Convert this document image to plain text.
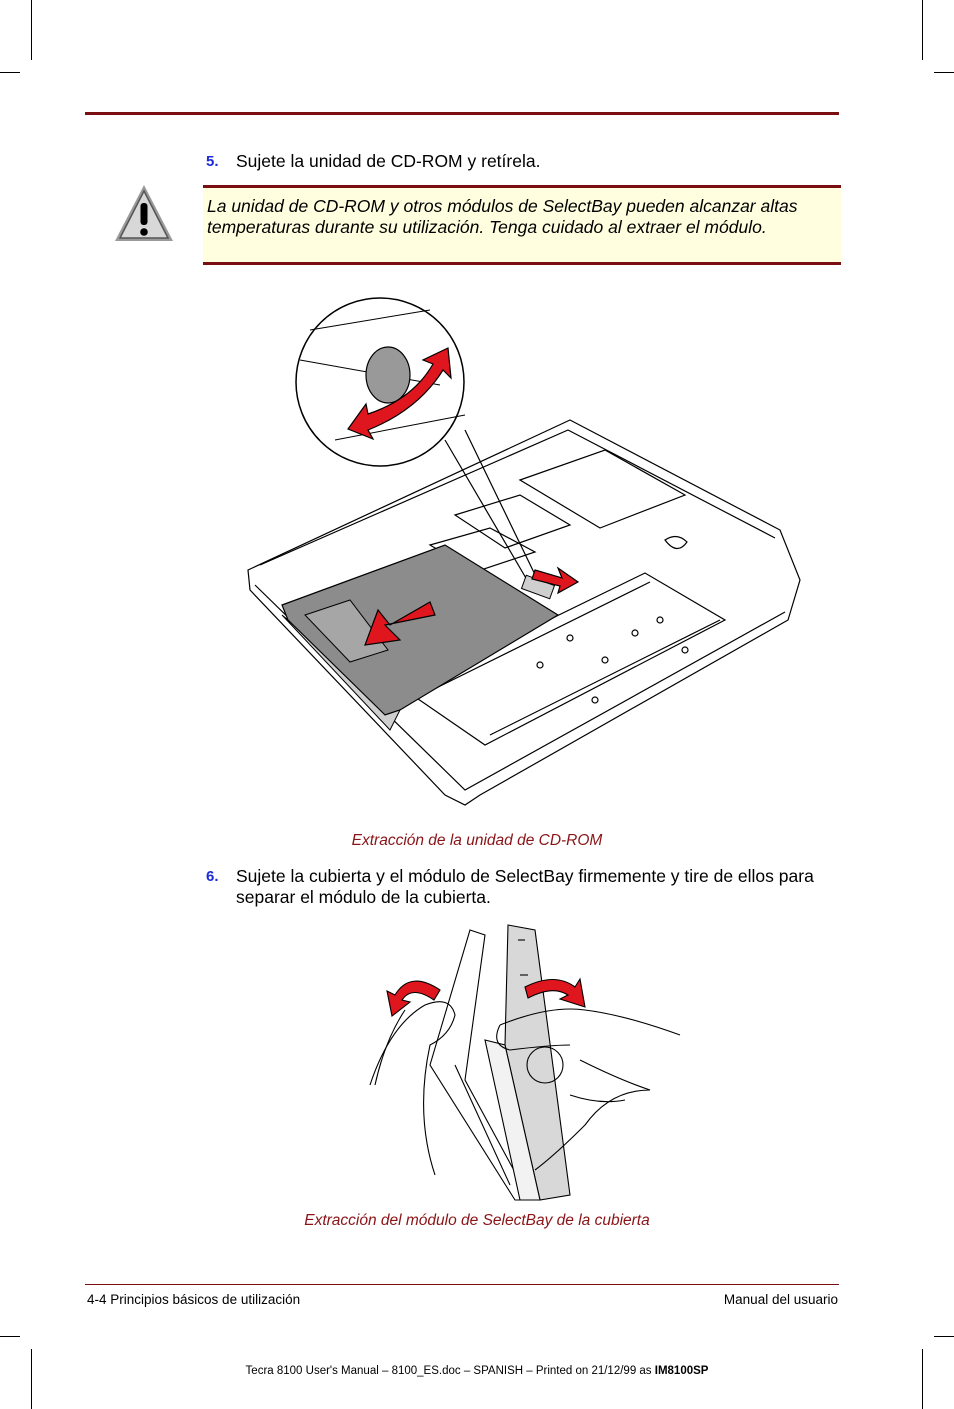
5. Sujete la unidad de CD-ROM y retírela.
La unidad de CD-ROM y otros módulos de SelectBay pueden alcanzar altas temperaturas durante su utilización. Tenga cuidado al extraer el módulo.
Extracción de la unidad de CD-ROM
6. Sujete la cubierta y el módulo de SelectBay firmemente y tire de ellos para separar el módulo de la cubierta.
Extracción del módulo de SelectBay de la cubierta
4-4 Principios básicos de utilización	Manual del usuario
Tecra 8100 User's Manual – 8100_ES.doc – SPANISH – Printed on 21/12/99 as IM8100SP
